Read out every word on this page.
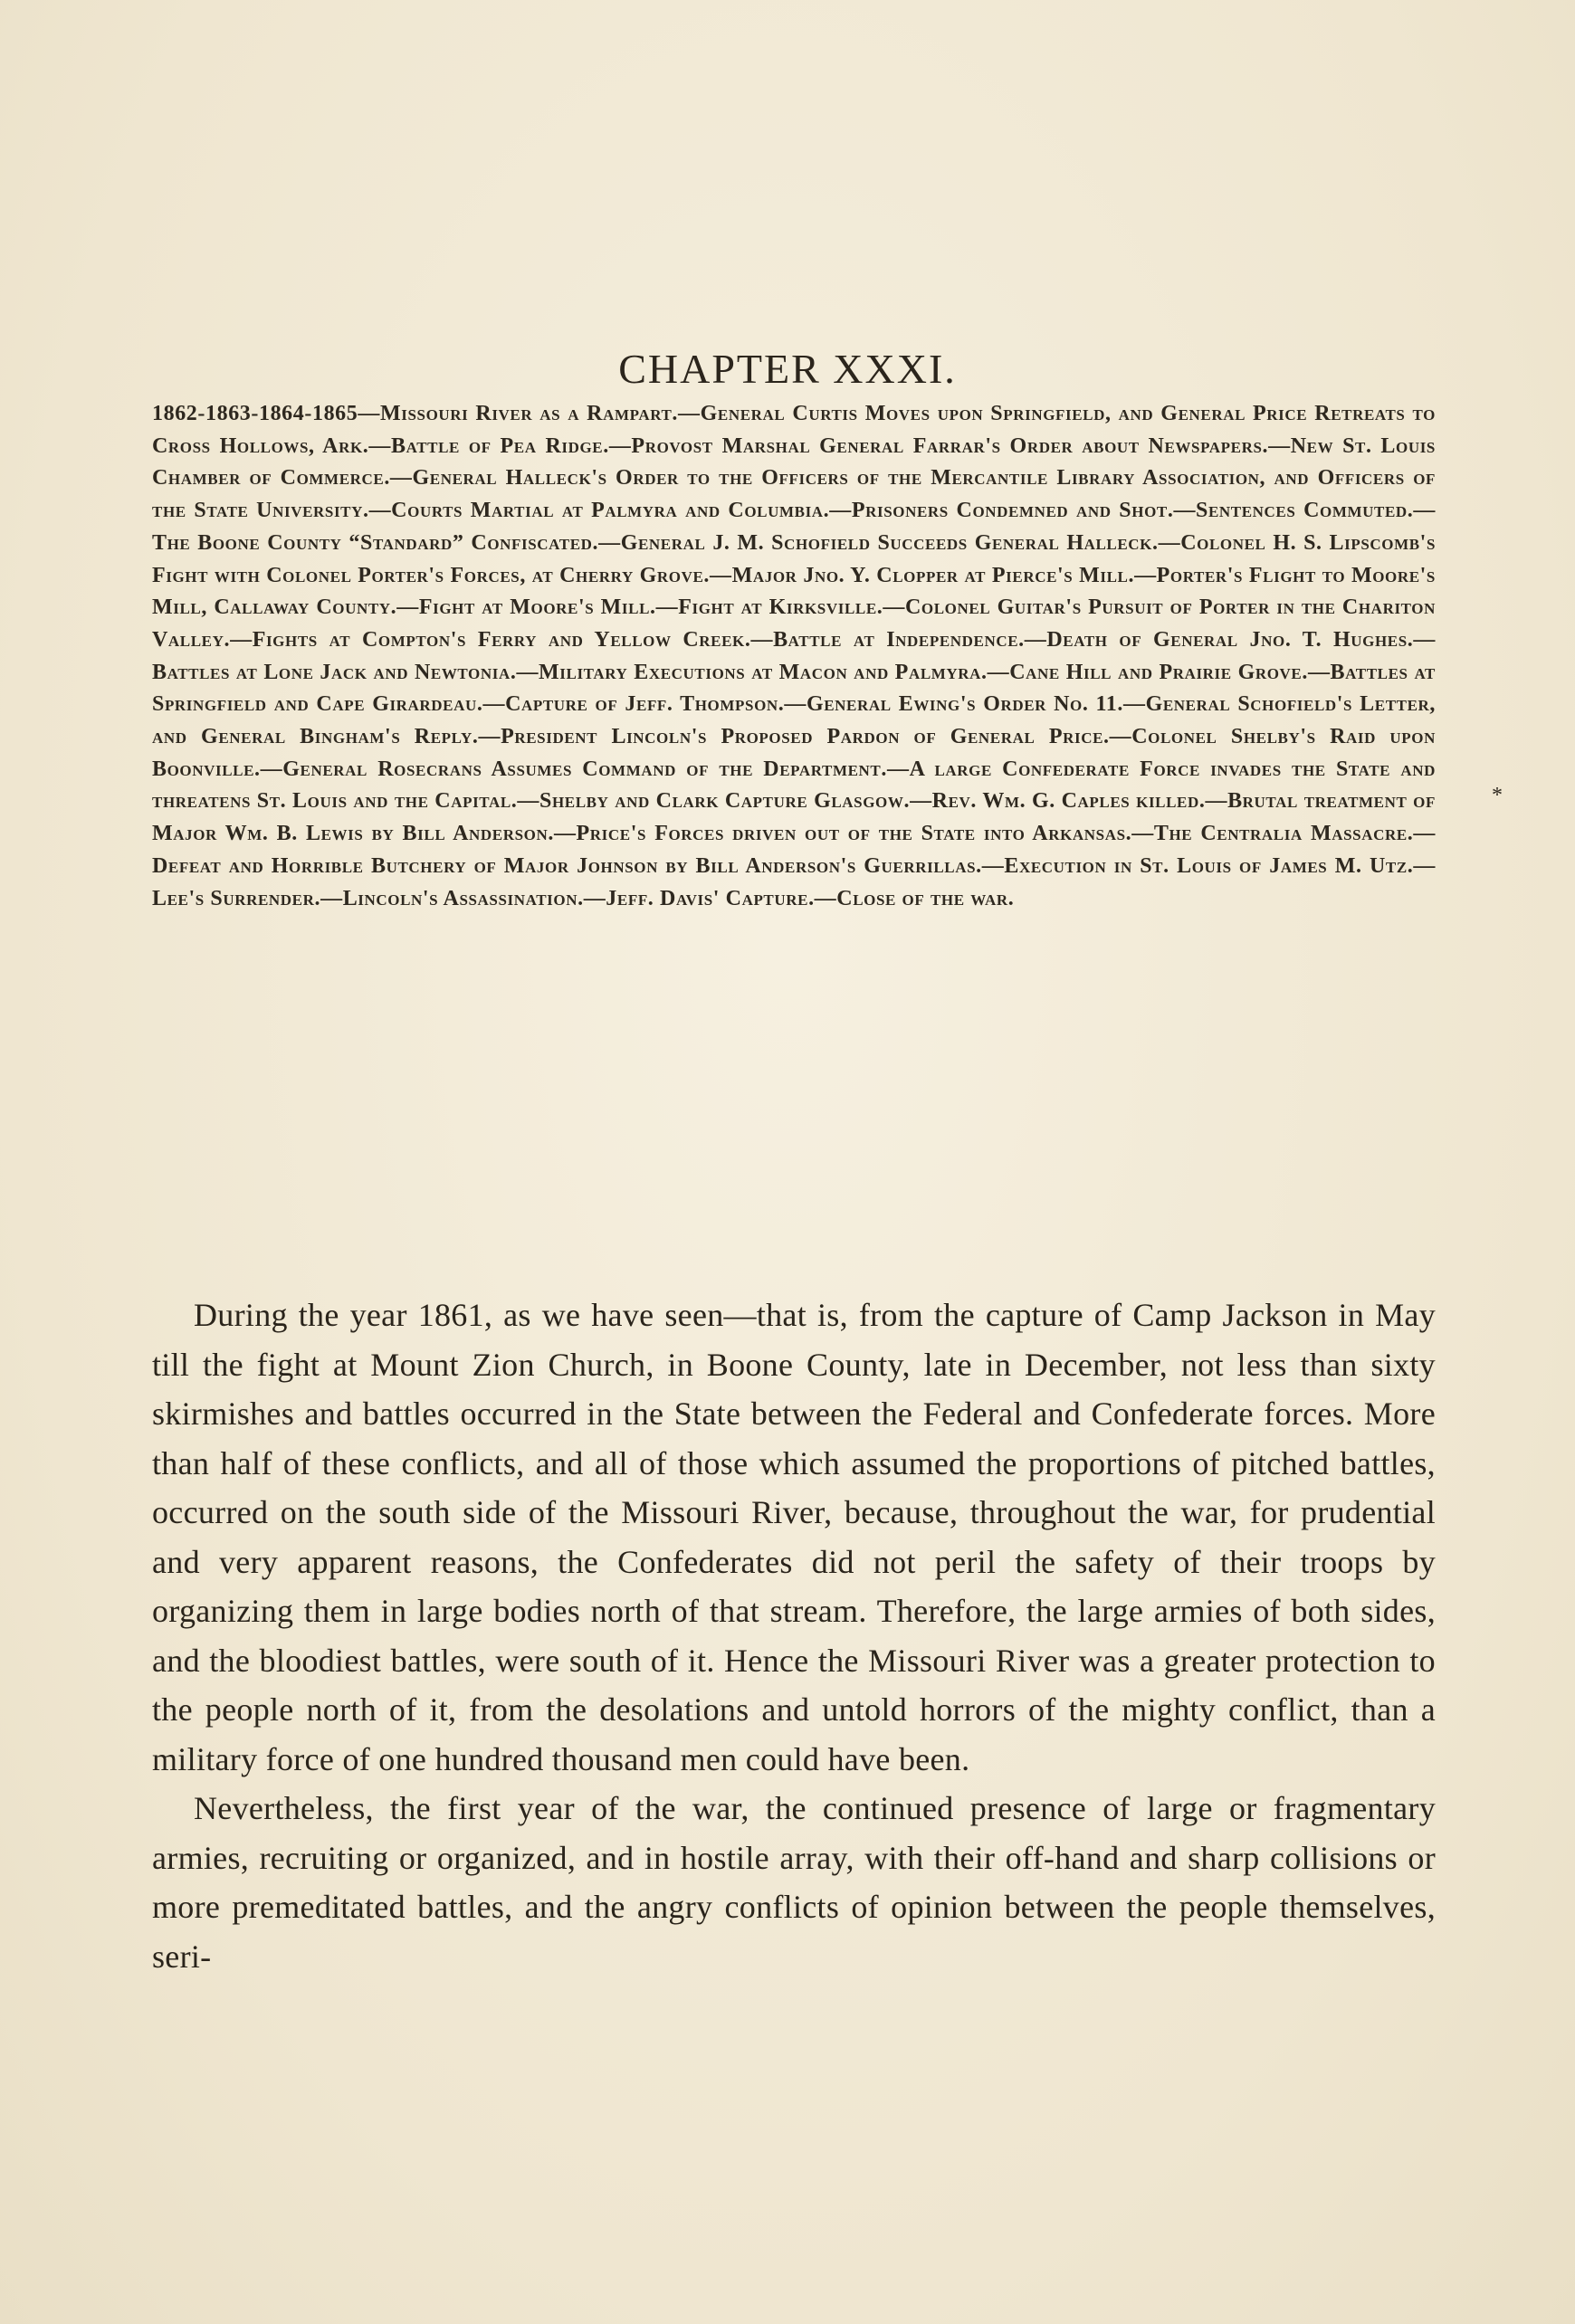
CHAPTER XXXI.
1862-1863-1864-1865—Missouri River as a Rampart.—General Curtis Moves upon Springfield, and General Price Retreats to Cross Hollows, Ark.—Battle of Pea Ridge.—Provost Marshal General Farrar's Order about Newspapers.—New St. Louis Chamber of Commerce.—General Halleck's Order to the Officers of the Mercantile Library Association, and Officers of the State University.—Courts Martial at Palmyra and Columbia.—Prisoners Condemned and Shot.—Sentences Commuted.—The Boone County “Standard” Confiscated.—General J. M. Schofield Succeeds General Halleck.—Colonel H. S. Lipscomb's Fight with Colonel Porter's Forces, at Cherry Grove.—Major Jno. Y. Clopper at Pierce's Mill.—Porter's Flight to Moore's Mill, Callaway County.—Fight at Moore's Mill.—Fight at Kirksville.—Colonel Guitar's Pursuit of Porter in the Chariton Valley.—Fights at Compton's Ferry and Yellow Creek.—Battle at Independence.—Death of General Jno. T. Hughes.—Battles at Lone Jack and Newtonia.—Military Executions at Macon and Palmyra.—Cane Hill and Prairie Grove.—Battles at Springfield and Cape Girardeau.—Capture of Jeff. Thompson.—General Ewing's Order No. 11.—General Schofield's Letter, and General Bingham's Reply.—President Lincoln's Proposed Pardon of General Price.—Colonel Shelby's Raid upon Boonville.—General Rosecrans Assumes Command of the Department.—A large Confederate Force invades the State and threatens St. Louis and the Capital.—Shelby and Clark Capture Glasgow.—Rev. Wm. G. Caples killed.—Brutal treatment of Major Wm. B. Lewis by Bill Anderson.—Price's Forces driven out of the State into Arkansas.—The Centralia Massacre.—Defeat and Horrible Butchery of Major Johnson by Bill Anderson's Guerrillas.—Execution in St. Louis of James M. Utz.—Lee's Surrender.—Lincoln's Assassination.—Jeff. Davis' Capture.—Close of the war.
*

During the year 1861, as we have seen—that is, from the capture of Camp Jackson in May till the fight at Mount Zion Church, in Boone County, late in December, not less than sixty skirmishes and battles occurred in the State between the Federal and Confederate forces. More than half of these conflicts, and all of those which assumed the proportions of pitched battles, occurred on the south side of the Missouri River, because, throughout the war, for prudential and very apparent reasons, the Confederates did not peril the safety of their troops by organizing them in large bodies north of that stream. Therefore, the large armies of both sides, and the bloodiest battles, were south of it. Hence the Missouri River was a greater protection to the people north of it, from the desolations and untold horrors of the mighty conflict, than a military force of one hundred thousand men could have been.

Nevertheless, the first year of the war, the continued presence of large or fragmentary armies, recruiting or organized, and in hostile array, with their off-hand and sharp collisions or more premeditated battles, and the angry conflicts of opinion between the people themselves, seri-
